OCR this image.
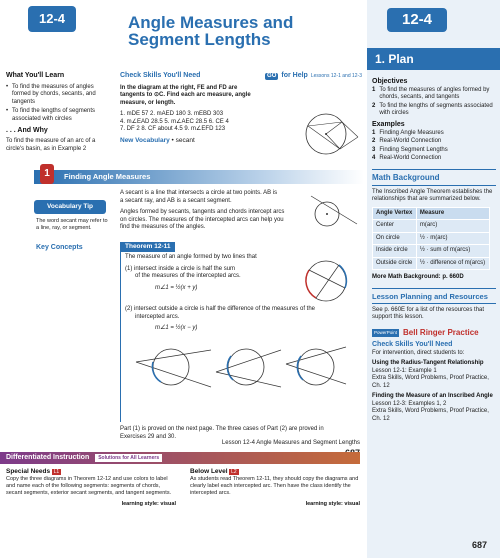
12-4	Angle Measures and
Segment Lengths
What You'll Learn
• To find the measures of angles formed by chords, secants, and tangents
• To find the lengths of segments associated with circles
. . . And Why
To find the measure of an arc of a circle's basin, as in Example 2
Check Skills You'll Need	GO for Help Lessons 12-1 and 12-3
In the diagram at the right, FE and FD are
tangents to ⊙C. Find each arc measure, angle
measure, or length.
1. mDE 57 2. mAED 180 3. mEBD 303
4. m∠EAD 28.5 5. m∠AEC 28.5 6. CE 4
7. DF 2 8. CF about 4.5 9. m∠EFD 123
New Vocabulary • secant
Finding Angle Measures
1
Vocabulary Tip
The word secant may refer to a line, ray, or segment.
A secant is a line that intersects a circle at two points. AB is
a secant ray, and AB is a secant segment.
Angles formed by secants, tangents and chords intercept arcs
on circles. The measures of the intercepted arcs can help you
find the measures of the angles.
Key Concepts	Theorem 12-11
The measure of an angle formed by two lines that
(1) intersect inside a circle is half the sum
of the measures of the intercepted arcs.
m∠1 = ½(x + y)
(2) intersect outside a circle is half the difference of the measures of the
intercepted arcs.
m∠1 = ½(x − y)
Part (1) is proved on the next page. The three cases of Part (2) are proved in
Exercises 29 and 30.
Lesson 12-4 Angle Measures and Segment Lengths
Differentiated Instruction Solutions for All Learners
Special Needs L1
Copy the three diagrams in Theorem 12-12 and use colors to label and name each of the following segments: segments of chords, secant segments, exterior secant segments, and tangent segments.
learning style: visual
Below Level L2
As students read Theorem 12-11, they should copy the diagrams and clearly label each intercepted arc. Then have the class identify the intercepted arcs.
learning style: visual
12-4
1. Plan
Objectives
1 To find the measures of angles formed by chords, secants, and tangents
2 To find the lengths of segments associated with circles
Examples
1 Finding Angle Measures
2 Real-World Connection
3 Finding Segment Lengths
4 Real-World Connection
Math Background
The Inscribed Angle Theorem establishes the relationships that are summarized below.
Angle Vertex	Measure
Center	m(arc)
On circle	½ · m(arc)
Inside circle	½ · sum of m(arcs)
Outside circle	½ · difference of m(arcs)
More Math Background: p. 660D
Lesson Planning and Resources
See p. 660E for a list of the resources that support this lesson.
PowerPoint Bell Ringer Practice
Check Skills You'll Need
For intervention, direct students to:
Using the Radius-Tangent Relationship
Lesson 12-1: Example 1
Extra Skills, Word Problems, Proof Practice, Ch. 12
Finding the Measure of an Inscribed Angle
Lesson 12-3: Examples 1, 2
Extra Skills, Word Problems, Proof Practice, Ch. 12
687
